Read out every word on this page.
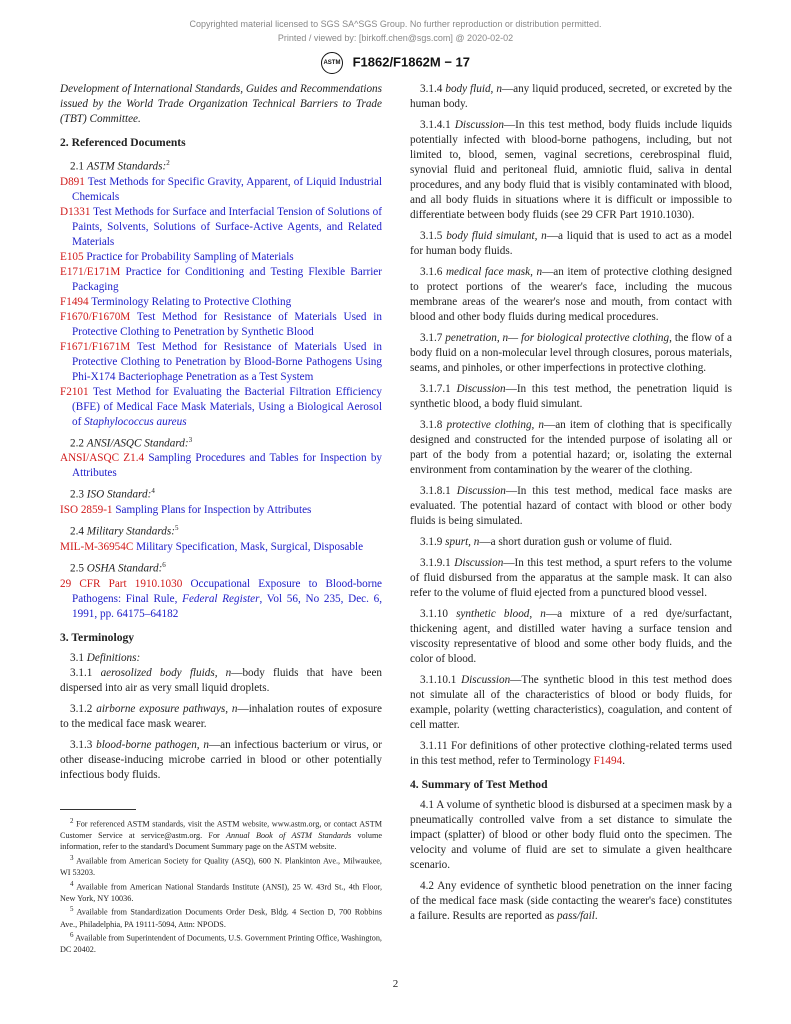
Copyrighted material licensed to SGS SA^SGS Group. No further reproduction or distribution permitted.
Printed / viewed by: [birkoff.chen@sgs.com] @ 2020-02-02
ASTM F1862/F1862M − 17

Development of International Standards, Guides and Recommendations issued by the World Trade Organization Technical Barriers to Trade (TBT) Committee.

2. Referenced Documents

2.1 ASTM Standards:$^2$

D891 Test Methods for Specific Gravity, Apparent, of Liquid Industrial Chemicals

D1331 Test Methods for Surface and Interfacial Tension of Solutions of Paints, Solvents, Solutions of Surface-Active Agents, and Related Materials

E105 Practice for Probability Sampling of Materials

E171/E171M Practice for Conditioning and Testing Flexible Barrier Packaging

F1494 Terminology Relating to Protective Clothing

F1670/F1670M Test Method for Resistance of Materials Used in Protective Clothing to Penetration by Synthetic Blood

F1671/F1671M Test Method for Resistance of Materials Used in Protective Clothing to Penetration by Blood-Borne Pathogens Using Phi-X174 Bacteriophage Penetration as a Test System

F2101 Test Method for Evaluating the Bacterial Filtration Efficiency (BFE) of Medical Face Mask Materials, Using a Biological Aerosol of Staphylococcus aureus

2.2 ANSI/ASQC Standard:$^3$

ANSI/ASQC Z1.4 Sampling Procedures and Tables for Inspection by Attributes

2.3 ISO Standard:$^4$

ISO 2859-1 Sampling Plans for Inspection by Attributes

2.4 Military Standards:$^5$

MIL-M-36954C Military Specification, Mask, Surgical, Disposable

2.5 OSHA Standard:$^6$

29 CFR Part 1910.1030 Occupational Exposure to Blood-borne Pathogens: Final Rule, Federal Register, Vol 56, No 235, Dec. 6, 1991, pp. 64175–64182

3. Terminology

3.1 Definitions:

3.1.1 aerosolized body fluids, n—body fluids that have been dispersed into air as very small liquid droplets.

3.1.2 airborne exposure pathways, n—inhalation routes of exposure to the medical face mask wearer.

3.1.3 blood-borne pathogen, n—an infectious bacterium or virus, or other disease-inducing microbe carried in blood or other potentially infectious body fluids.

$^2$ For referenced ASTM standards, visit the ASTM website, www.astm.org, or contact ASTM Customer Service at service@astm.org. For Annual Book of ASTM Standards volume information, refer to the standard's Document Summary page on the ASTM website.

$^3$ Available from American Society for Quality (ASQ), 600 N. Plankinton Ave., Milwaukee, WI 53203.

$^4$ Available from American National Standards Institute (ANSI), 25 W. 43rd St., 4th Floor, New York, NY 10036.

$^5$ Available from Standardization Documents Order Desk, Bldg. 4 Section D, 700 Robbins Ave., Philadelphia, PA 19111-5094, Attn: NPODS.

$^6$ Available from Superintendent of Documents, U.S. Government Printing Office, Washington, DC 20402.

3.1.4 body fluid, n—any liquid produced, secreted, or excreted by the human body.

3.1.4.1 Discussion—In this test method, body fluids include liquids potentially infected with blood-borne pathogens, including, but not limited to, blood, semen, vaginal secretions, cerebrospinal fluid, synovial fluid and peritoneal fluid, amniotic fluid, saliva in dental procedures, and any body fluid that is visibly contaminated with blood, and all body fluids in situations where it is difficult or impossible to differentiate between body fluids (see 29 CFR Part 1910.1030).

3.1.5 body fluid simulant, n—a liquid that is used to act as a model for human body fluids.

3.1.6 medical face mask, n—an item of protective clothing designed to protect portions of the wearer's face, including the mucous membrane areas of the wearer's nose and mouth, from contact with blood and other body fluids during medical procedures.

3.1.7 penetration, n— for biological protective clothing, the flow of a body fluid on a non-molecular level through closures, porous materials, seams, and pinholes, or other imperfections in protective clothing.

3.1.7.1 Discussion—In this test method, the penetration liquid is synthetic blood, a body fluid simulant.

3.1.8 protective clothing, n—an item of clothing that is specifically designed and constructed for the intended purpose of isolating all or part of the body from a potential hazard; or, isolating the external environment from contamination by the wearer of the clothing.

3.1.8.1 Discussion—In this test method, medical face masks are evaluated. The potential hazard of contact with blood or other body fluids is being simulated.

3.1.9 spurt, n—a short duration gush or volume of fluid.

3.1.9.1 Discussion—In this test method, a spurt refers to the volume of fluid disbursed from the apparatus at the sample mask. It can also refer to the volume of fluid ejected from a punctured blood vessel.

3.1.10 synthetic blood, n—a mixture of a red dye/surfactant, thickening agent, and distilled water having a surface tension and viscosity representative of blood and some other body fluids, and the color of blood.

3.1.10.1 Discussion—The synthetic blood in this test method does not simulate all of the characteristics of blood or body fluids, for example, polarity (wetting characteristics), coagulation, and content of cell matter.

3.1.11 For definitions of other protective clothing-related terms used in this test method, refer to Terminology F1494.

4. Summary of Test Method

4.1 A volume of synthetic blood is disbursed at a specimen mask by a pneumatically controlled valve from a set distance to simulate the impact (splatter) of blood or other body fluid onto the specimen. The velocity and volume of fluid are set to simulate a given healthcare scenario.

4.2 Any evidence of synthetic blood penetration on the inner facing of the medical face mask (side contacting the wearer's face) constitutes a failure. Results are reported as pass/fail.

2
